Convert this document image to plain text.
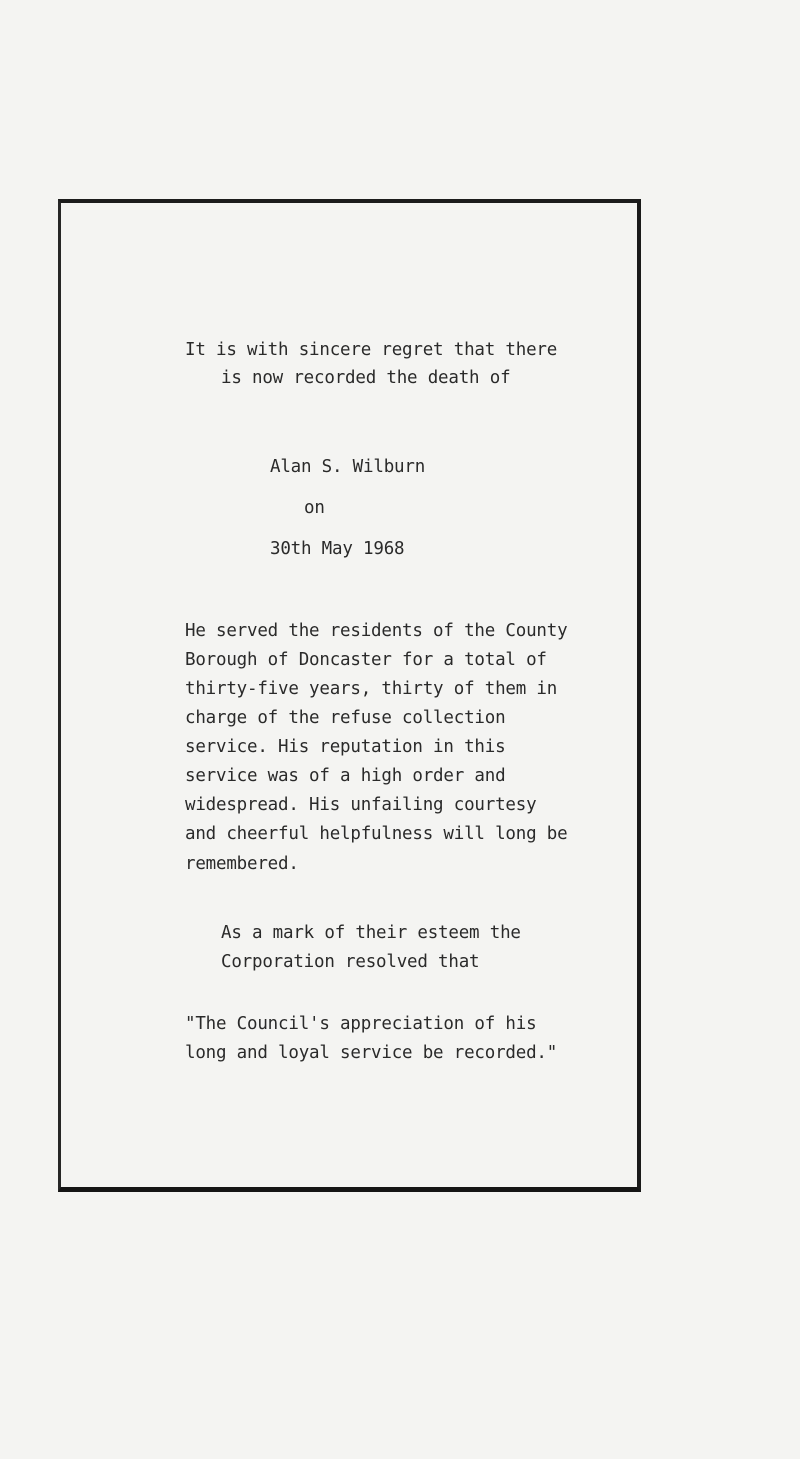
It is with sincere regret that there
is now recorded the death of
Alan S. Wilburn
on
30th May 1968
He served the residents of the County
Borough of Doncaster for a total of
thirty-five years, thirty of them in
charge of the refuse collection
service. His reputation in this
service was of a high order and
widespread. His unfailing courtesy
and cheerful helpfulness will long be
remembered.
As a mark of their esteem the
Corporation resolved that
"The Council's appreciation of his
long and loyal service be recorded."
